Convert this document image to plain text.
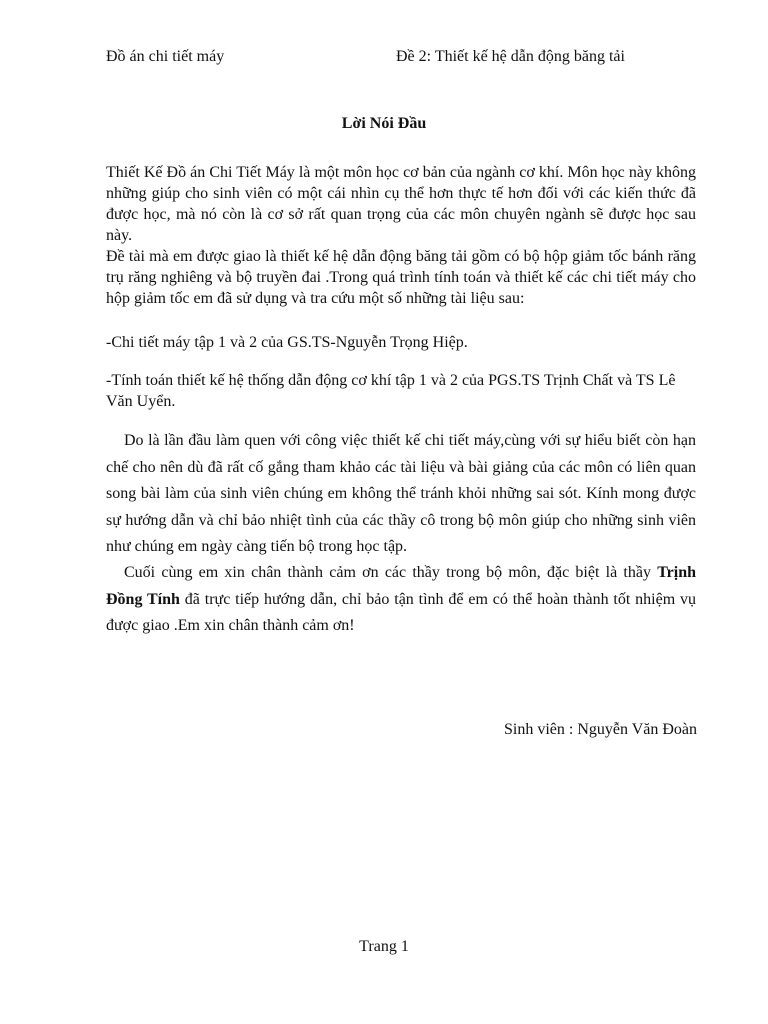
Đồ án chi tiết máy	Đề 2: Thiết kế hệ dẫn động băng tải
Lời Nói Đầu
Thiết Kế Đồ án Chi Tiết Máy là một môn học cơ bản của ngành cơ khí. Môn học này không những giúp cho sinh viên có một cái nhìn cụ thể hơn thực tế hơn đối với các kiến thức đã được học, mà nó còn là cơ sở rất quan trọng của các môn chuyên ngành sẽ được học sau này.
Đề tài mà em được giao là thiết kế hệ dẫn động băng tải gồm có bộ hộp giảm tốc bánh răng trụ răng nghiêng và bộ truyền đai .Trong quá trình tính toán và thiết kế các chi tiết máy cho hộp giảm tốc em đã sử dụng và tra cứu một số những tài liệu sau:
-Chi tiết máy tập 1 và 2 của GS.TS-Nguyễn Trọng Hiệp.
-Tính toán thiết kế hệ thống dẫn động cơ khí tập 1 và 2 của PGS.TS Trịnh Chất và TS Lê Văn Uyển.
Do là lần đầu làm quen với công việc thiết kế chi tiết máy,cùng với sự hiểu biết còn hạn chế cho nên dù đã rất cố gắng tham khảo các tài liệu và bài giảng của các môn có liên quan song bài làm của sinh viên chúng em không thể tránh khỏi những sai sót. Kính mong được sự hướng dẫn và chỉ bảo nhiệt tình của các thầy cô trong bộ môn giúp cho những sinh viên như chúng em ngày càng tiến bộ trong học tập.
Cuối cùng em xin chân thành cảm ơn các thầy trong bộ môn, đặc biệt là thầy Trịnh Đồng Tính đã trực tiếp hướng dẫn, chỉ bảo tận tình để em có thể hoàn thành tốt nhiệm vụ được giao .Em xin chân thành cảm ơn!
Sinh viên : Nguyễn Văn Đoàn
Trang 1
